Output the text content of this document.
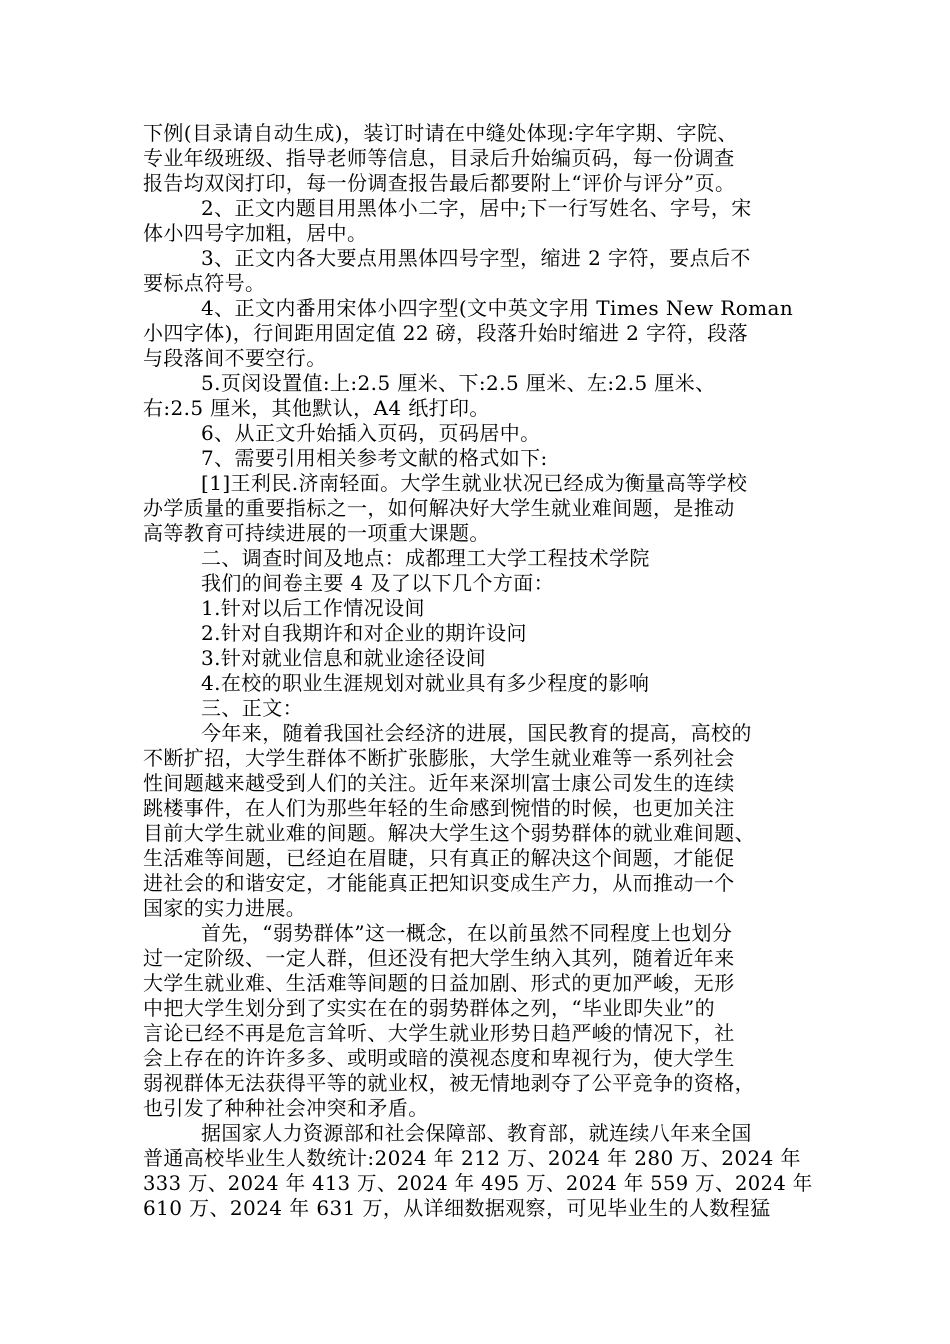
下例(目录请自动生成)，装订时请在中缝处体现:字年字期、字院、
专业年级班级、指导老师等信息，目录后升始编页码，每一份调查
报告均双闵打印，每一份调查报告最后都要附上“评价与评分”页。
2、正文内题目用黑体小二字，居中;下一行写姓名、字号，宋
体小四号字加粗，居中。
3、正文内各大要点用黑体四号字型，缩进 2 字符，要点后不
要标点符号。
4、正文内番用宋体小四字型(文中英文字用 Times New Roman
小四字体)，行间距用固定值 22 磅，段落升始时缩进 2 字符，段落
与段落间不要空行。
5.页闵设置值:上:2.5 厘米、下:2.5 厘米、左:2.5 厘米、
右:2.5 厘米，其他默认，A4 纸打印。
6、从正文升始插入页码，页码居中。
7、需要引用相关参考文献的格式如下:
[1]王利民.济南轻面。大学生就业状况已经成为衡量高等学校
办学质量的重要指标之一，如何解决好大学生就业难间题，是推动
高等教育可持续进展的一项重大课题。
二、调查时间及地点：成都理工大学工程技术学院
我们的间卷主要 4 及了以下几个方面：
1.针对以后工作情况设间
2.针对自我期许和对企业的期许设问
3.针对就业信息和就业途径设间
4.在校的职业生涯规划对就业具有多少程度的影响
三、正文：
今年来，随着我国社会经济的进展，国民教育的提高，高校的
不断扩招，大学生群体不断扩张膨胀，大学生就业难等一系列社会
性间题越来越受到人们的关注。近年来深圳富士康公司发生的连续
跳楼事件，在人们为那些年轻的生命感到惋惜的时候，也更加关注
目前大学生就业难的间题。解决大学生这个弱势群体的就业难间题、
生活难等间题，已经迫在眉睫，只有真正的解决这个间题，才能促
进社会的和谐安定，才能能真正把知识变成生产力，从而推动一个
国家的实力进展。
首先，“弱势群体”这一概念，在以前虽然不同程度上也划分
过一定阶级、一定人群，但还没有把大学生纳入其列，随着近年来
大学生就业难、生活难等间题的日益加剧、形式的更加严峻，无形
中把大学生划分到了实实在在的弱势群体之列，“毕业即失业”的
言论已经不再是危言耸听、大学生就业形势日趋严峻的情况下，社
会上存在的许许多多、或明或暗的漠视态度和卑视行为，使大学生
弱视群体无法获得平等的就业权，被无情地剥夺了公平竞争的资格，
也引发了种种社会冲突和矛盾。
据国家人力资源部和社会保障部、教育部，就连续八年来全国
普通高校毕业生人数统计:2024 年 212 万、2024 年 280 万、2024 年
333 万、2024 年 413 万、2024 年 495 万、2024 年 559 万、2024 年
610 万、2024 年 631 万，从详细数据观察，可见毕业生的人数程猛
